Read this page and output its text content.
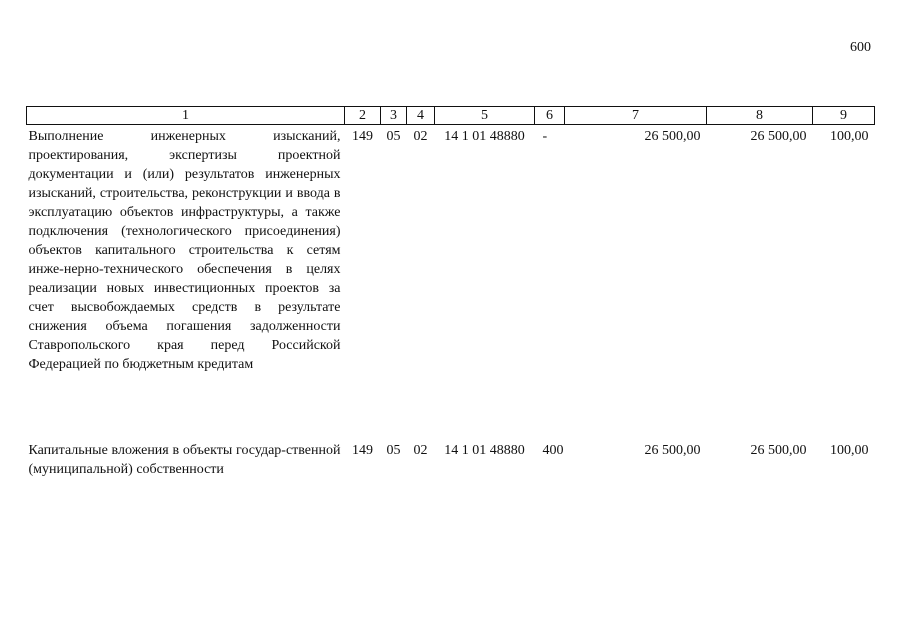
600
1	2	3	4	5	6	7	8	9
Выполнение инженерных изысканий, проектирования, экспертизы проектной документации и (или) результатов инженерных изысканий, строительства, реконструкции и ввода в эксплуатацию объектов инфраструктуры, а также подключения (технологического присоединения) объектов капитального строительства к сетям инже-нерно-технического обеспечения в целях реализации новых инвестиционных проектов за счет высвобождаемых средств в результате снижения объема погашения задолженности Ставропольского края перед Российской Федерацией по бюджетным кредитам	149	05	02	14 1 01 48880	-	26 500,00	26 500,00	100,00
Капитальные вложения в объекты государ-ственной (муниципальной) собственности	149	05	02	14 1 01 48880	400	26 500,00	26 500,00	100,00
